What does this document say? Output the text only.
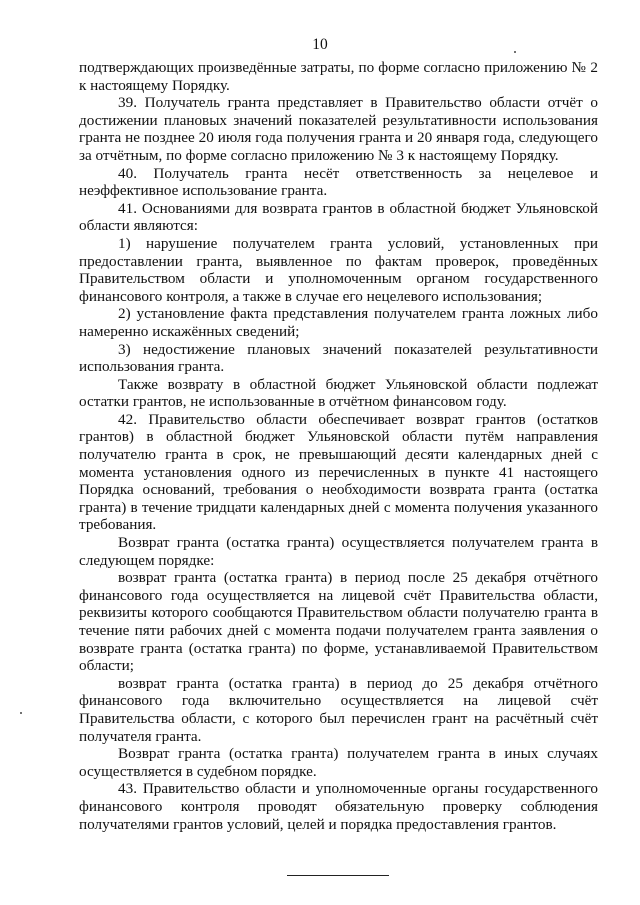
10

подтверждающих произведённые затраты, по форме согласно приложению № 2 к настоящему Порядку.

39. Получатель гранта представляет в Правительство области отчёт о достижении плановых значений показателей результативности использования гранта не позднее 20 июля года получения гранта и 20 января года, следующего за отчётным, по форме согласно приложению № 3 к настоящему Порядку.

40. Получатель гранта несёт ответственность за нецелевое и неэффективное использование гранта.

41. Основаниями для возврата грантов в областной бюджет Ульяновской области являются:

1) нарушение получателем гранта условий, установленных при предоставлении гранта, выявленное по фактам проверок, проведённых Правительством области и уполномоченным органом государственного финансового контроля, а также в случае его нецелевого использования;

2) установление факта представления получателем гранта ложных либо намеренно искажённых сведений;

3) недостижение плановых значений показателей результативности использования гранта.

Также возврату в областной бюджет Ульяновской области подлежат остатки грантов, не использованные в отчётном финансовом году.

42. Правительство области обеспечивает возврат грантов (остатков грантов) в областной бюджет Ульяновской области путём направления получателю гранта в срок, не превышающий десяти календарных дней с момента установления одного из перечисленных в пункте 41 настоящего Порядка оснований, требования о необходимости возврата гранта (остатка гранта) в течение тридцати календарных дней с момента получения указанного требования.

Возврат гранта (остатка гранта) осуществляется получателем гранта в следующем порядке:

возврат гранта (остатка гранта) в период после 25 декабря отчётного финансового года осуществляется на лицевой счёт Правительства области, реквизиты которого сообщаются Правительством области получателю гранта в течение пяти рабочих дней с момента подачи получателем гранта заявления о возврате гранта (остатка гранта) по форме, устанавливаемой Правительством области;

возврат гранта (остатка гранта) в период до 25 декабря отчётного финансового года включительно осуществляется на лицевой счёт Правительства области, с которого был перечислен грант на расчётный счёт получателя гранта.

Возврат гранта (остатка гранта) получателем гранта в иных случаях осуществляется в судебном порядке.

43. Правительство области и уполномоченные органы государственного финансового контроля проводят обязательную проверку соблюдения получателями грантов условий, целей и порядка предоставления грантов.
